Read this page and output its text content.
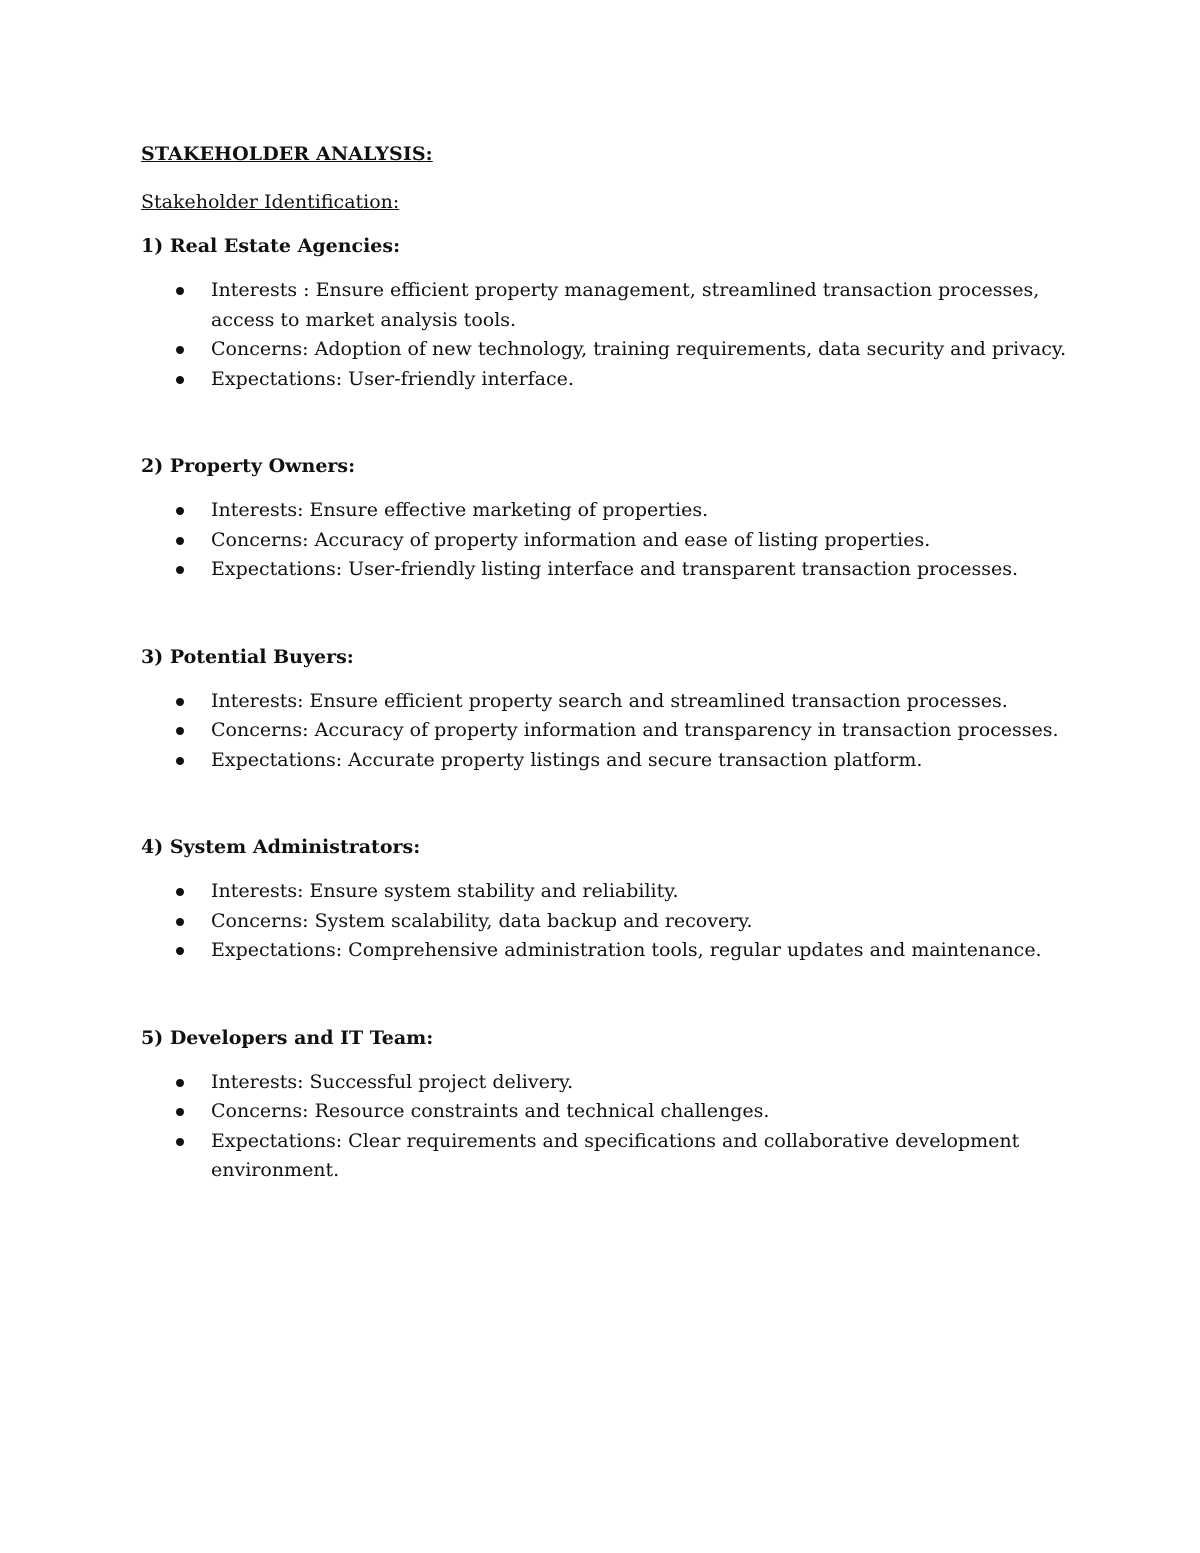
STAKEHOLDER ANALYSIS:
Stakeholder Identification:
1) Real Estate Agencies:
Interests : Ensure efficient property management, streamlined transaction processes, access to market analysis tools.
Concerns: Adoption of new technology, training requirements, data security and privacy.
Expectations: User-friendly interface.
2) Property Owners:
Interests: Ensure effective marketing of properties.
Concerns: Accuracy of property information and ease of listing properties.
Expectations: User-friendly listing interface and transparent transaction processes.
3) Potential Buyers:
Interests: Ensure efficient property search and streamlined transaction processes.
Concerns: Accuracy of property information and transparency in transaction processes.
Expectations: Accurate property listings and secure transaction platform.
4) System Administrators:
Interests: Ensure system stability and reliability.
Concerns: System scalability, data backup and recovery.
Expectations: Comprehensive administration tools, regular updates and maintenance.
5) Developers and IT Team:
Interests: Successful project delivery.
Concerns: Resource constraints and technical challenges.
Expectations: Clear requirements and specifications and collaborative development environment.
